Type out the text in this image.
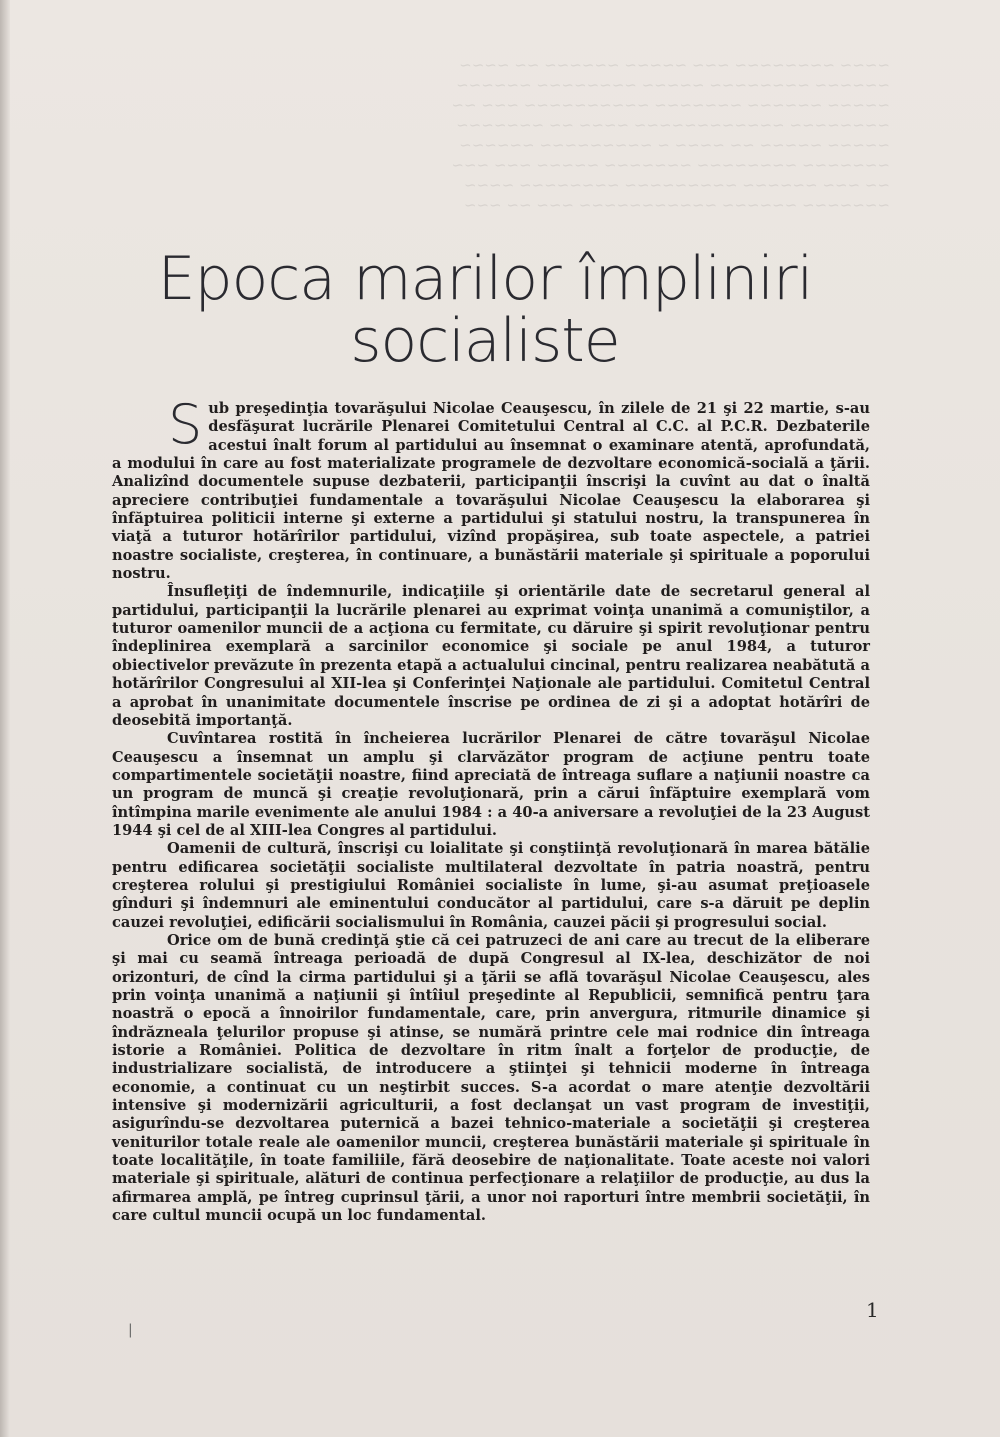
~~~~ ~~~~~~~~ ~~~ ~~~~~ ~~~~~~ ~~ ~~~~
~~~~~~ ~~~~~~~~ ~~~~~ ~~~~~~~~ ~~~~~~
~~~~~ ~~~~~~ ~~~~~~~ ~~~~~~~~~~ ~~~ ~~
~~~~~~~~ ~~~~~~~~~~~~ ~~~~ ~~ ~~~~~~~
~~~~~ ~~~~~ ~~ ~~~~ ~ ~~~~~~~~~ ~~~~~~
~~~~~~~ ~~~~~~~~ ~~~~~~~ ~~~~~ ~~~ ~~~
~~ ~~~ ~~~~~~ ~~~~~~~~~ ~~~~~~~~ ~~~~
~~~~~~~ ~~~~~~ ~~~~~~~~~~~ ~~~ ~~ ~~~
Epoca marilor împliniri
socialiste

Sub preşedinţia tovarăşului Nicolae Ceauşescu, în zilele de 21 şi 22 martie, s-au desfăşurat lucrările Plenarei Comitetului Central al C.C. al P.C.R. Dezbaterile acestui înalt forum al partidului au însemnat o examinare atentă, aprofundată, a modului în care au fost materializate programele de dezvoltare economică-socială a ţării. Analizînd documentele supuse dezbaterii, participanţii înscrişi la cuvînt au dat o înaltă apreciere contribuţiei fundamentale a tovarăşului Nicolae Ceauşescu la elaborarea şi înfăptuirea politicii interne şi externe a partidului şi statului nostru, la transpunerea în viaţă a tuturor hotărîrilor partidului, vizînd propăşirea, sub toate aspectele, a patriei noastre socialiste, creşterea, în continuare, a bunăstării materiale şi spirituale a poporului nostru.

Însufleţiţi de îndemnurile, indicaţiile şi orientările date de secretarul general al partidului, participanţii la lucrările plenarei au exprimat voinţa unanimă a comuniştilor, a tuturor oamenilor muncii de a acţiona cu fermitate, cu dăruire şi spirit revoluţionar pentru îndeplinirea exemplară a sarcinilor economice şi sociale pe anul 1984, a tuturor obiectivelor prevăzute în prezenta etapă a actualului cincinal, pentru realizarea neabătută a hotărîrilor Congresului al XII-lea şi Conferinţei Naţionale ale partidului. Comitetul Central a aprobat în unanimitate documentele înscrise pe ordinea de zi şi a adoptat hotărîri de deosebită importanţă.

Cuvîntarea rostită în încheierea lucrărilor Plenarei de către tovarăşul Nicolae Ceauşescu a însemnat un amplu şi clarvăzător program de acţiune pentru toate compartimentele societăţii noastre, fiind apreciată de întreaga suflare a naţiunii noastre ca un program de muncă şi creaţie revoluţionară, prin a cărui înfăptuire exemplară vom întîmpina marile evenimente ale anului 1984 : a 40-a aniversare a revoluţiei de la 23 August 1944 şi cel de al XIII-lea Congres al partidului.

Oamenii de cultură, înscrişi cu loialitate şi conştiinţă revoluţionară în marea bătălie pentru edificarea societăţii socialiste multilateral dezvoltate în patria noastră, pentru creşterea rolului şi prestigiului României socialiste în lume, şi-au asumat preţioasele gînduri şi îndemnuri ale eminentului conducător al partidului, care s-a dăruit pe deplin cauzei revoluţiei, edificării socialismului în România, cauzei păcii şi progresului social.

Orice om de bună credinţă ştie că cei patruzeci de ani care au trecut de la eliberare şi mai cu seamă întreaga perioadă de după Congresul al IX-lea, deschizător de noi orizonturi, de cînd la cirma partidului şi a ţării se află tovarăşul Nicolae Ceauşescu, ales prin voinţa unanimă a naţiunii şi întîiul preşedinte al Republicii, semnifică pentru ţara noastră o epocă a înnoirilor fundamentale, care, prin anvergura, ritmurile dinamice şi îndrăzneala ţelurilor propuse şi atinse, se numără printre cele mai rodnice din întreaga istorie a României. Politica de dezvoltare în ritm înalt a forţelor de producţie, de industrializare socialistă, de introducere a ştiinţei şi tehnicii moderne în întreaga economie, a continuat cu un neştirbit succes. S-a acordat o mare atenţie dezvoltării intensive şi modernizării agriculturii, a fost declanşat un vast program de investiţii, asigurîndu-se dezvoltarea puternică a bazei tehnico-materiale a societăţii şi creşterea veniturilor totale reale ale oamenilor muncii, creşterea bunăstării materiale şi spirituale în toate localităţile, în toate familiile, fără deosebire de naţionalitate. Toate aceste noi valori materiale şi spirituale, alături de continua perfecţionare a relaţiilor de producţie, au dus la afirmarea amplă, pe întreg cuprinsul ţării, a unor noi raporturi între membrii societăţii, în care cultul muncii ocupă un loc fundamental.

1
|
